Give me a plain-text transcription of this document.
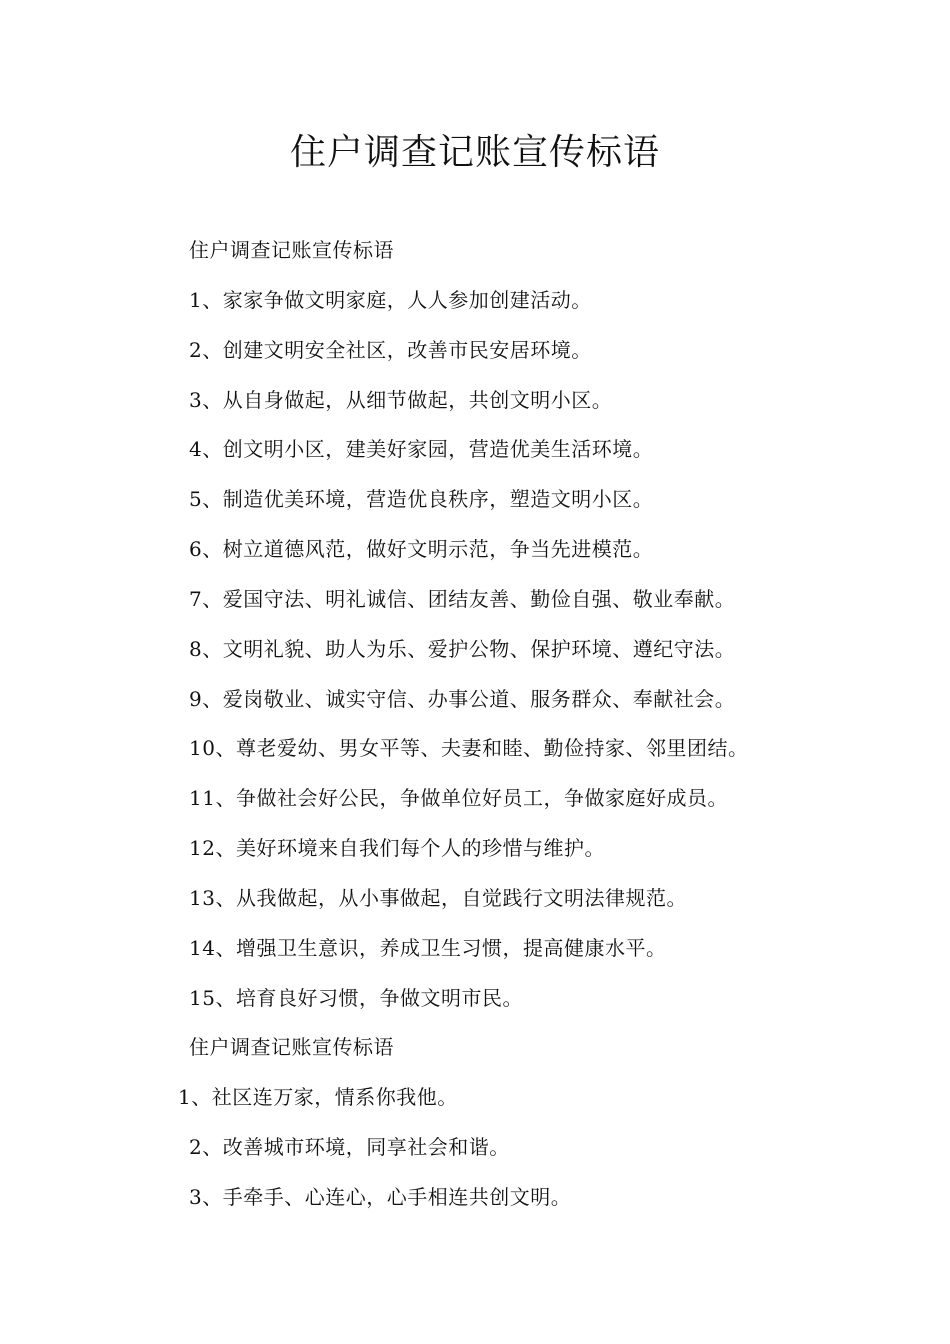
住户调查记账宣传标语
住户调查记账宣传标语
1、家家争做文明家庭，人人参加创建活动。
2、创建文明安全社区，改善市民安居环境。
3、从自身做起，从细节做起，共创文明小区。
4、创文明小区，建美好家园，营造优美生活环境。
5、制造优美环境，营造优良秩序，塑造文明小区。
6、树立道德风范，做好文明示范，争当先进模范。
7、爱国守法、明礼诚信、团结友善、勤俭自强、敬业奉献。
8、文明礼貌、助人为乐、爱护公物、保护环境、遵纪守法。
9、爱岗敬业、诚实守信、办事公道、服务群众、奉献社会。
10、尊老爱幼、男女平等、夫妻和睦、勤俭持家、邻里团结。
11、争做社会好公民，争做单位好员工，争做家庭好成员。
12、美好环境来自我们每个人的珍惜与维护。
13、从我做起，从小事做起，自觉践行文明法律规范。
14、增强卫生意识，养成卫生习惯，提高健康水平。
15、培育良好习惯，争做文明市民。
住户调查记账宣传标语
1、社区连万家，情系你我他。
2、改善城市环境，同享社会和谐。
3、手牵手、心连心，心手相连共创文明。
